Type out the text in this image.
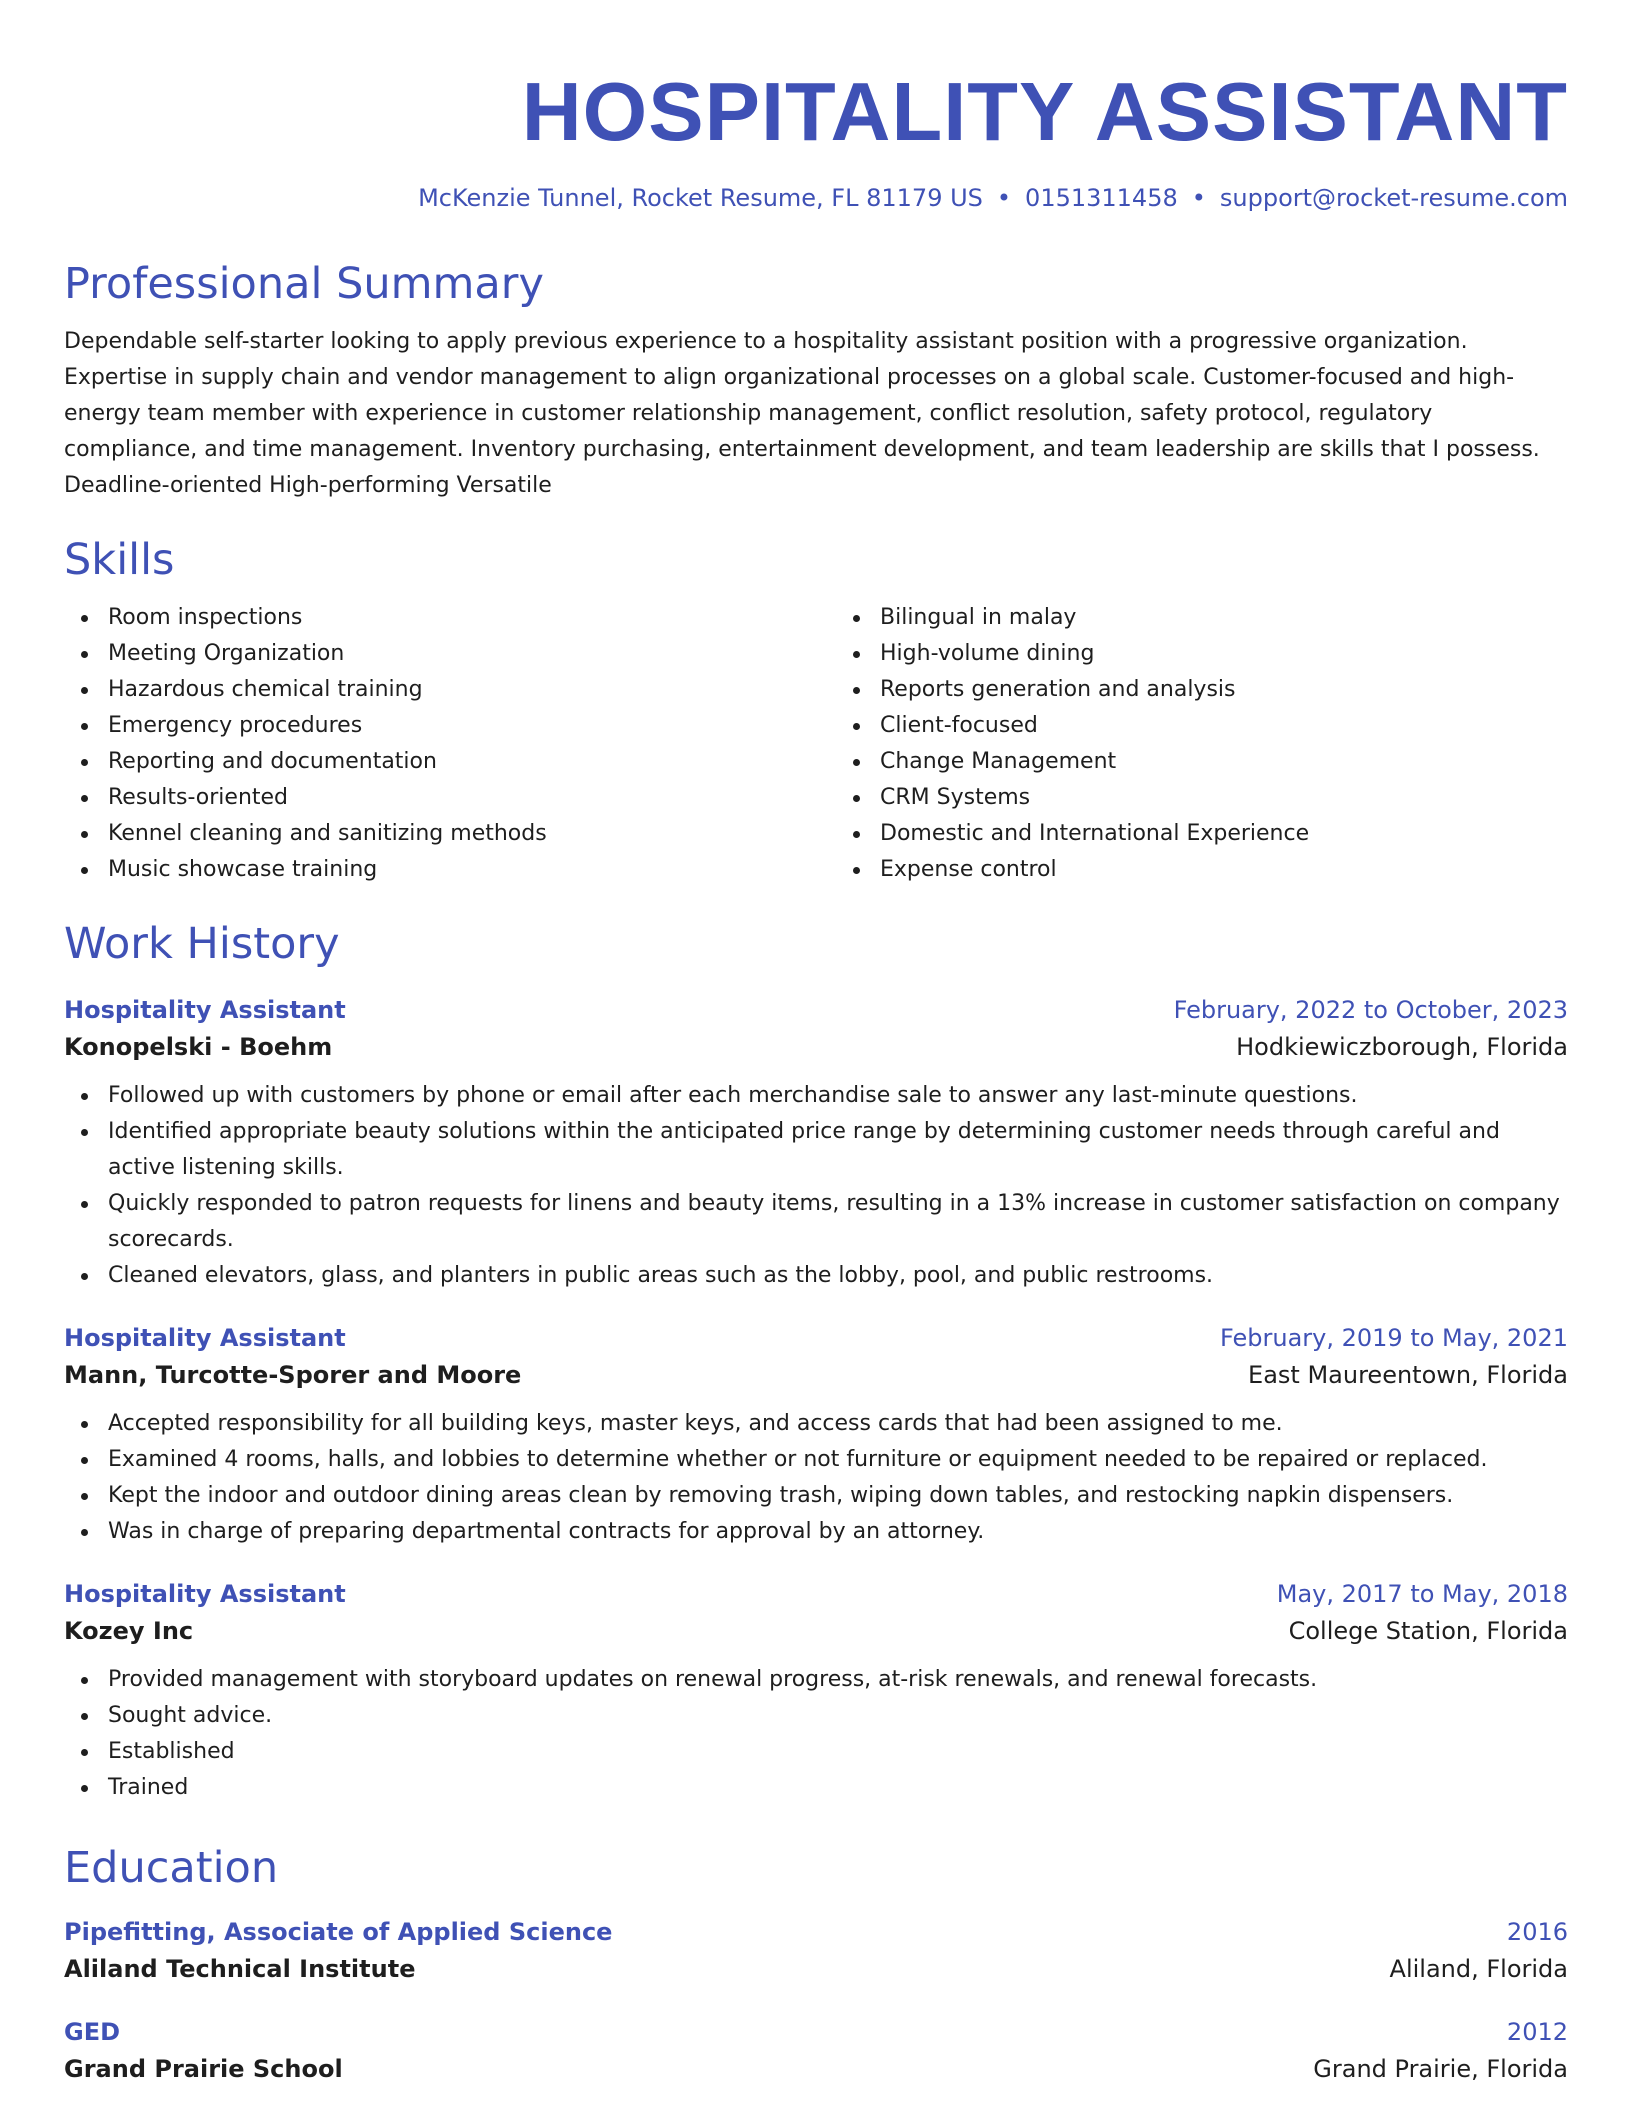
HOSPITALITY ASSISTANT
McKenzie Tunnel, Rocket Resume, FL 81179 US • 0151311458 • support@rocket-resume.com
Professional Summary

Dependable self-starter looking to apply previous experience to a hospitality assistant position with a progressive organization. Expertise in supply chain and vendor management to align organizational processes on a global scale. Customer-focused and high-energy team member with experience in customer relationship management, conflict resolution, safety protocol, regulatory compliance, and time management. Inventory purchasing, entertainment development, and team leadership are skills that I possess. Deadline-oriented High-performing Versatile

Skills
Room inspections
Meeting Organization
Hazardous chemical training
Emergency procedures
Reporting and documentation
Results-oriented
Kennel cleaning and sanitizing methods
Music showcase training
Bilingual in malay
High-volume dining
Reports generation and analysis
Client-focused
Change Management
CRM Systems
Domestic and International Experience
Expense control
Work History
Hospitality Assistant	February, 2022 to October, 2023
Konopelski - Boehm	Hodkiewiczborough, Florida
Followed up with customers by phone or email after each merchandise sale to answer any last-minute questions.
Identified appropriate beauty solutions within the anticipated price range by determining customer needs through careful and active listening skills.
Quickly responded to patron requests for linens and beauty items, resulting in a 13% increase in customer satisfaction on company scorecards.
Cleaned elevators, glass, and planters in public areas such as the lobby, pool, and public restrooms.
Hospitality Assistant	February, 2019 to May, 2021
Mann, Turcotte-Sporer and Moore	East Maureentown, Florida
Accepted responsibility for all building keys, master keys, and access cards that had been assigned to me.
Examined 4 rooms, halls, and lobbies to determine whether or not furniture or equipment needed to be repaired or replaced.
Kept the indoor and outdoor dining areas clean by removing trash, wiping down tables, and restocking napkin dispensers.
Was in charge of preparing departmental contracts for approval by an attorney.
Hospitality Assistant	May, 2017 to May, 2018
Kozey Inc	College Station, Florida
Provided management with storyboard updates on renewal progress, at-risk renewals, and renewal forecasts.
Sought advice.
Established
Trained
Education
Pipefitting, Associate of Applied Science	2016
Aliland Technical Institute	Aliland, Florida
GED	2012
Grand Prairie School	Grand Prairie, Florida
